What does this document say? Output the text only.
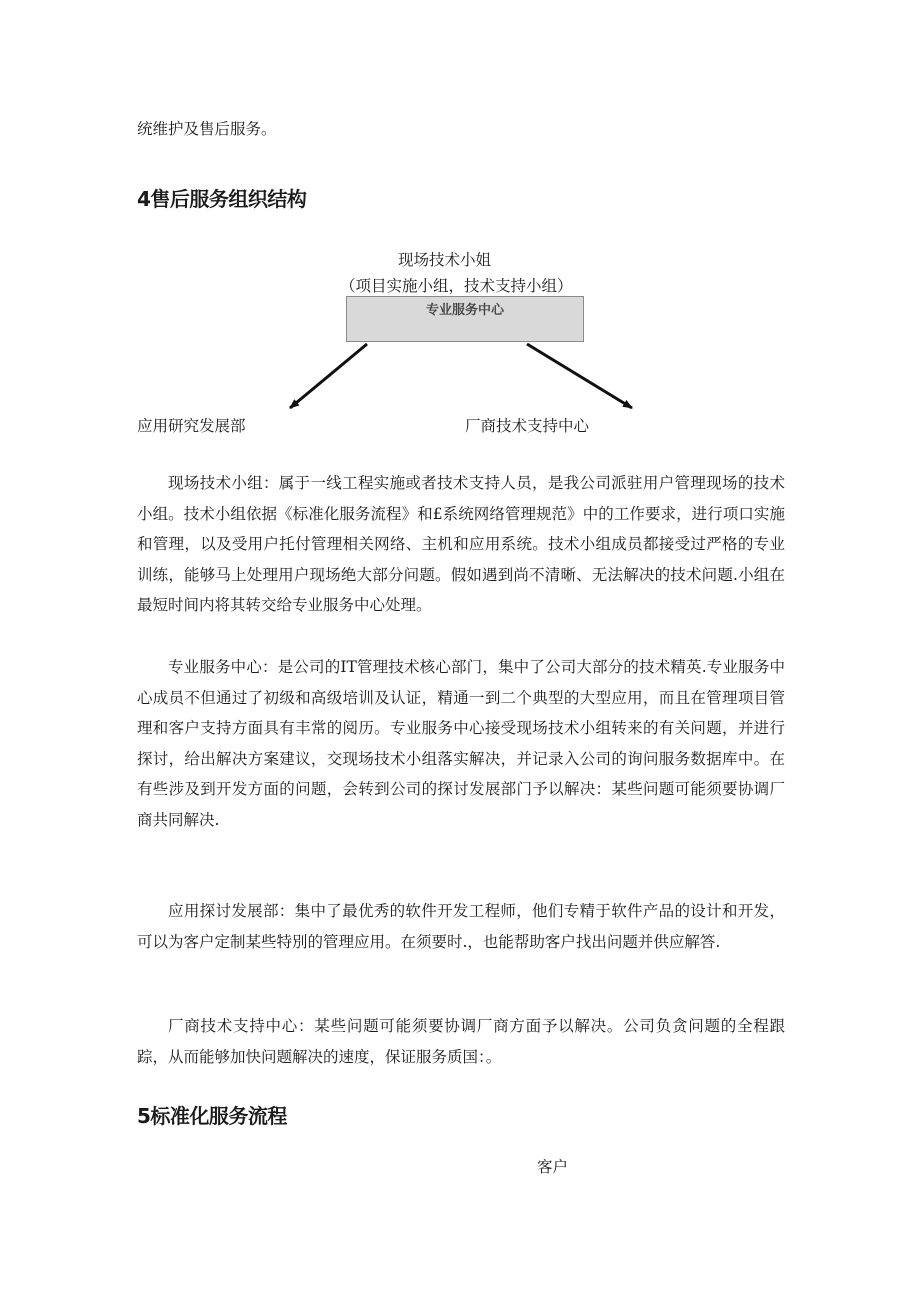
统维护及售后服务。
4售后服务组织结构
现场技术小姐
（项目实施小组，技术支持小组）
专业服务中心
应用研究发展部	厂商技术支持中心

现场技术小组：属于一线工程实施或者技术支持人员，是我公司派驻用户管理现场的技术小组。技术小组依据《标准化服务流程》和£系统网络管理规范》中的工作要求，进行项口实施和管理，以及受用户托付管理相关网络、主机和应用系统。技术小组成员都接受过严格的专业训练，能够马上处理用户现场绝大部分问题。假如遇到尚不清晰、无法解决的技术问题.小组在最短时间内将其转交给专业服务中心处理。

专业服务中心：是公司的IT管理技术核心部门，集中了公司大部分的技术精英.专业服务中心成员不但通过了初级和高级培训及认证，精通一到二个典型的大型应用，而且在管理项目管理和客户支持方面具有丰常的阅历。专业服务中心接受现场技术小组转来的有关问题，并进行探讨，给出解决方案建议，交现场技术小组落实解决，并记录入公司的询问服务数据库中。在有些涉及到开发方面的问题，会转到公司的探讨发展部门予以解决：某些问题可能须要协调厂商共同解决.

应用探讨发展部：集中了最优秀的软件开发工程师，他们专精于软件产品的设计和开发，可以为客户定制某些特別的管理应用。在须要时.，也能帮助客户找出问题并供应解答.

厂商技术支持中心：某些问题可能须要协调厂商方面予以解决。公司负贪问题的全程跟踪，从而能够加快问题解决的速度，保证服务质国：。

5标准化服务流程
客户
